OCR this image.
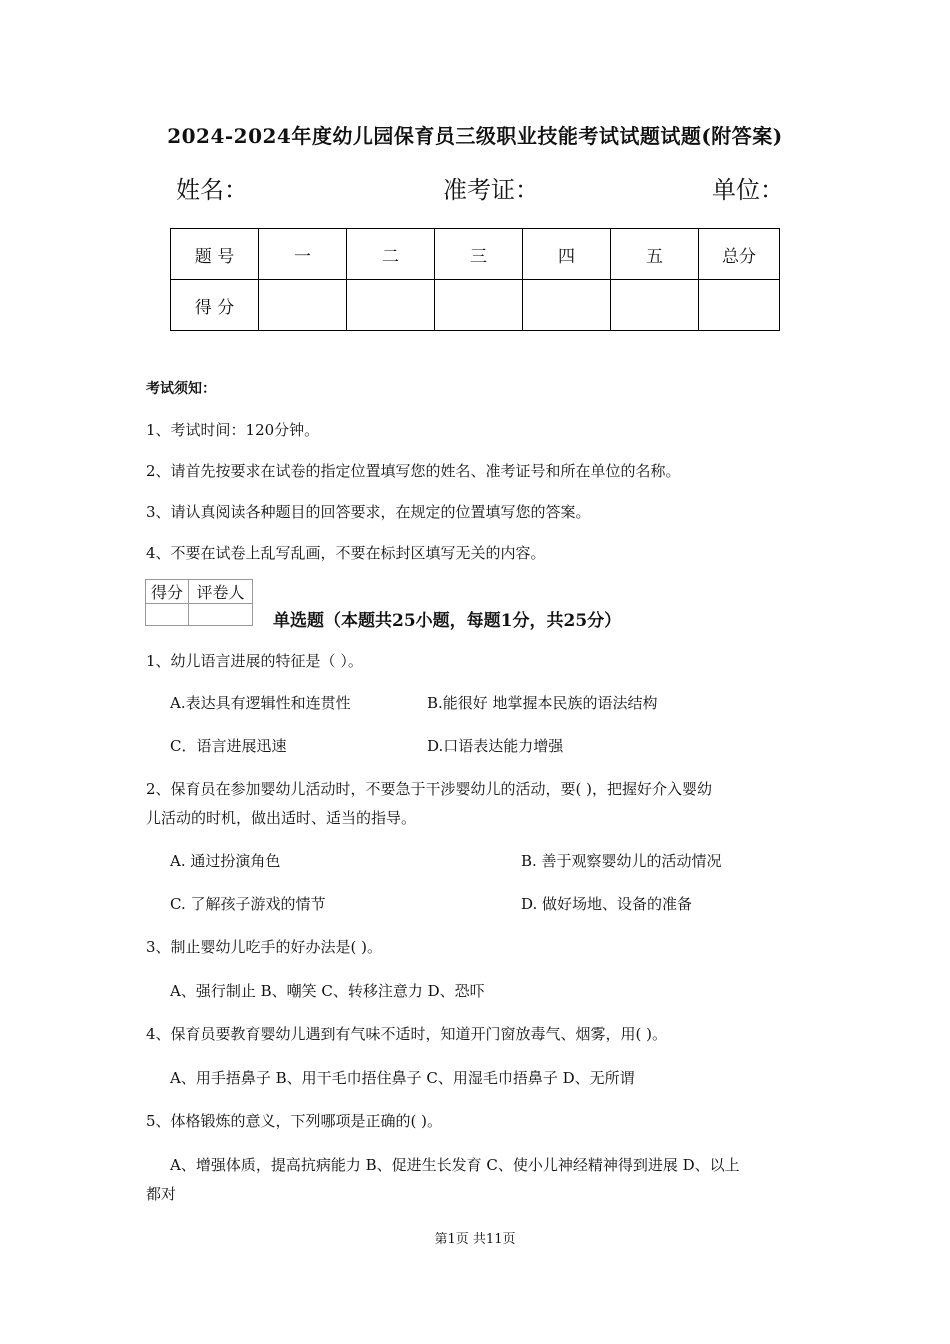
2024-2024年度幼儿园保育员三级职业技能考试试题试题(附答案)
姓名：	准考证：	单位：
题 号	一	二	三	四	五	总分
得 分						
考试须知：
1、考试时间：120分钟。
2、请首先按要求在试卷的指定位置填写您的姓名、准考证号和所在单位的名称。
3、请认真阅读各种题目的回答要求，在规定的位置填写您的答案。
4、不要在试卷上乱写乱画，不要在标封区填写无关的内容。
得分	评卷人

单选题（本题共25小题，每题1分，共25分）
1、幼儿语言进展的特征是（ ）。
A.表达具有逻辑性和连贯性	B.能很好 地掌握本民族的语法结构
C．语言进展迅速	D.口语表达能力增强
2、保育员在参加婴幼儿活动时，不要急于干涉婴幼儿的活动，要( )，把握好介入婴幼
儿活动的时机，做出适时、适当的指导。
A. 通过扮演角色	B. 善于观察婴幼儿的活动情况
C. 了解孩子游戏的情节	D. 做好场地、设备的准备
3、制止婴幼儿吃手的好办法是( )。
A、强行制止 B、嘲笑 C、转移注意力 D、恐吓
4、保育员要教育婴幼儿遇到有气味不适时，知道开门窗放毒气、烟雾，用( )。
A、用手捂鼻子 B、用干毛巾捂住鼻子 C、用湿毛巾捂鼻子 D、无所谓
5、体格锻炼的意义，下列哪项是正确的( )。
A、增强体质，提高抗病能力 B、促进生长发育 C、使小儿神经精神得到进展 D、以上
都对
第1页 共11页
